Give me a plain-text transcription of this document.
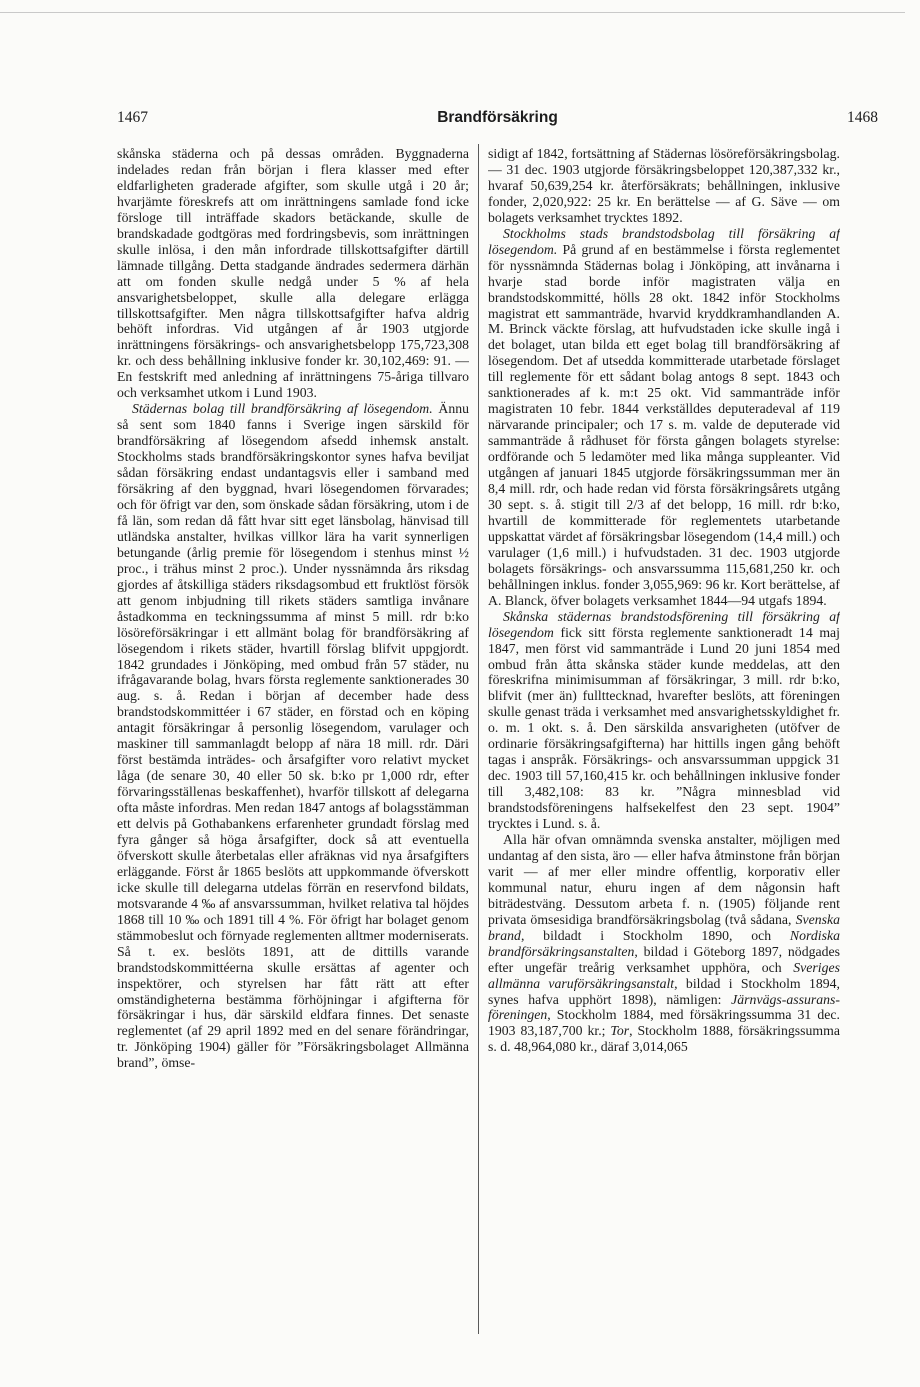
1467	Brandförsäkring	1468

skånska städerna och på dessas områden. Byggnaderna indelades redan från början i flera klasser med efter eldfarligheten graderade afgifter, som skulle utgå i 20 år; hvarjämte föreskrefs att om inrättningens samlade fond icke försloge till inträffade skadors betäckande, skulle de brandskadade godtgöras med fordringsbevis, som inrättningen skulle inlösa, i den mån infordrade tillskottsafgifter därtill lämnade tillgång. Detta stadgande ändrades sedermera därhän att om fonden skulle nedgå under 5 % af hela ansvarighetsbeloppet, skulle alla delegare erlägga tillskottsafgifter. Men några tillskottsafgifter hafva aldrig behöft infordras. Vid utgången af år 1903 utgjorde inrättningens försäkrings- och ansvarighetsbelopp 175,723,308 kr. och dess behållning inklusive fonder kr. 30,102,469: 91. — En festskrift med anledning af inrättningens 75-åriga tillvaro och verksamhet utkom i Lund 1903.

Städernas bolag till brandförsäkring af lösegendom. Ännu så sent som 1840 fanns i Sverige ingen särskild för brandförsäkring af lösegendom afsedd inhemsk anstalt. Stockholms stads brandförsäkringskontor synes hafva beviljat sådan försäkring endast undantagsvis eller i samband med försäkring af den byggnad, hvari lösegendomen förvarades; och för öfrigt var den, som önskade sådan försäkring, utom i de få län, som redan då fått hvar sitt eget länsbolag, hänvisad till utländska anstalter, hvilkas villkor lära ha varit synnerligen betungande (årlig premie för lösegendom i stenhus minst ½ proc., i trähus minst 2 proc.). Under nyssnämnda års riksdag gjordes af åtskilliga städers riksdagsombud ett fruktlöst försök att genom inbjudning till rikets städers samtliga invånare åstadkomma en teckningssumma af minst 5 mill. rdr b:ko lösöreförsäkringar i ett allmänt bolag för brandförsäkring af lösegendom i rikets städer, hvartill förslag blifvit uppgjordt. 1842 grundades i Jönköping, med ombud från 57 städer, nu ifrågavarande bolag, hvars första reglemente sanktionerades 30 aug. s. å. Redan i början af december hade dess brandstodskommittéer i 67 städer, en förstad och en köping antagit försäkringar å personlig lösegendom, varulager och maskiner till sammanlagdt belopp af nära 18 mill. rdr. Däri först bestämda inträdes- och årsafgifter voro relativt mycket låga (de senare 30, 40 eller 50 sk. b:ko pr 1,000 rdr, efter förvaringsställenas beskaffenhet), hvarför tillskott af delegarna ofta måste infordras. Men redan 1847 antogs af bolagsstämman ett delvis på Gothabankens erfarenheter grundadt förslag med fyra gånger så höga årsafgifter, dock så att eventuella öfverskott skulle återbetalas eller afräknas vid nya årsafgifters erläggande. Först år 1865 beslöts att uppkommande öfverskott icke skulle till delegarna utdelas förrän en reservfond bildats, motsvarande 4 ‰ af ansvarssumman, hvilket relativa tal höjdes 1868 till 10 ‰ och 1891 till 4 %. För öfrigt har bolaget genom stämmobeslut och förnyade reglementen alltmer moderniserats. Så t. ex. beslöts 1891, att de dittills varande brandstodskommittéerna skulle ersättas af agenter och inspektörer, och styrelsen har fått rätt att efter omständigheterna bestämma förhöjningar i afgifterna för försäkringar i hus, där särskild eldfara finnes. Det senaste reglementet (af 29 april 1892 med en del senare förändringar, tr. Jönköping 1904) gäller för ”Försäkringsbolaget Allmänna brand”, ömse-

sidigt af 1842, fortsättning af Städernas lösöreförsäkringsbolag. — 31 dec. 1903 utgjorde försäkringsbeloppet 120,387,332 kr., hvaraf 50,639,254 kr. återförsäkrats; behållningen, inklusive fonder, 2,020,922: 25 kr. En berättelse — af G. Säve — om bolagets verksamhet trycktes 1892.

Stockholms stads brandstodsbolag till försäkring af lösegendom. På grund af en bestämmelse i första reglementet för nyssnämnda Städernas bolag i Jönköping, att invånarna i hvarje stad borde inför magistraten välja en brandstodskommitté, hölls 28 okt. 1842 inför Stockholms magistrat ett sammanträde, hvarvid kryddkramhandlanden A. M. Brinck väckte förslag, att hufvudstaden icke skulle ingå i det bolaget, utan bilda ett eget bolag till brandförsäkring af lösegendom. Det af utsedda kommitterade utarbetade förslaget till reglemente för ett sådant bolag antogs 8 sept. 1843 och sanktionerades af k. m:t 25 okt. Vid sammanträde inför magistraten 10 febr. 1844 verkställdes deputeradeval af 119 närvarande principaler; och 17 s. m. valde de deputerade vid sammanträde å rådhuset för första gången bolagets styrelse: ordförande och 5 ledamöter med lika många suppleanter. Vid utgången af januari 1845 utgjorde försäkringssumman mer än 8,4 mill. rdr, och hade redan vid första försäkringsårets utgång 30 sept. s. å. stigit till 2/3 af det belopp, 16 mill. rdr b:ko, hvartill de kommitterade för reglementets utarbetande uppskattat värdet af försäkringsbar lösegendom (14,4 mill.) och varulager (1,6 mill.) i hufvudstaden. 31 dec. 1903 utgjorde bolagets försäkrings- och ansvarssumma 115,681,250 kr. och behållningen inklus. fonder 3,055,969: 96 kr. Kort berättelse, af A. Blanck, öfver bolagets verksamhet 1844—94 utgafs 1894.

Skånska städernas brandstodsförening till försäkring af lösegendom fick sitt första reglemente sanktioneradt 14 maj 1847, men först vid sammanträde i Lund 20 juni 1854 med ombud från åtta skånska städer kunde meddelas, att den föreskrifna minimisumman af försäkringar, 3 mill. rdr b:ko, blifvit (mer än) fullttecknad, hvarefter beslöts, att föreningen skulle genast träda i verksamhet med ansvarighetsskyldighet fr. o. m. 1 okt. s. å. Den särskilda ansvarigheten (utöfver de ordinarie försäkringsafgifterna) har hittills ingen gång behöft tagas i anspråk. Försäkrings- och ansvarssumman uppgick 31 dec. 1903 till 57,160,415 kr. och behållningen inklusive fonder till 3,482,108: 83 kr. ”Några minnesblad vid brandstodsföreningens halfsekelfest den 23 sept. 1904” trycktes i Lund. s. å.

Alla här ofvan omnämnda svenska anstalter, möjligen med undantag af den sista, äro — eller hafva åtminstone från början varit — af mer eller mindre offentlig, korporativ eller kommunal natur, ehuru ingen af dem någonsin haft biträdestväng. Dessutom arbeta f. n. (1905) följande rent privata ömsesidiga brandförsäkringsbolag (två sådana, Svenska brand, bildadt i Stockholm 1890, och Nordiska brandförsäkringsanstalten, bildad i Göteborg 1897, nödgades efter ungefär treårig verksamhet upphöra, och Sveriges allmänna varuförsäkringsanstalt, bildad i Stockholm 1894, synes hafva upphört 1898), nämligen: Järnvägs-assurans-föreningen, Stockholm 1884, med försäkringssumma 31 dec. 1903 83,187,700 kr.; Tor, Stockholm 1888, försäkringssumma s. d. 48,964,080 kr., däraf 3,014,065
